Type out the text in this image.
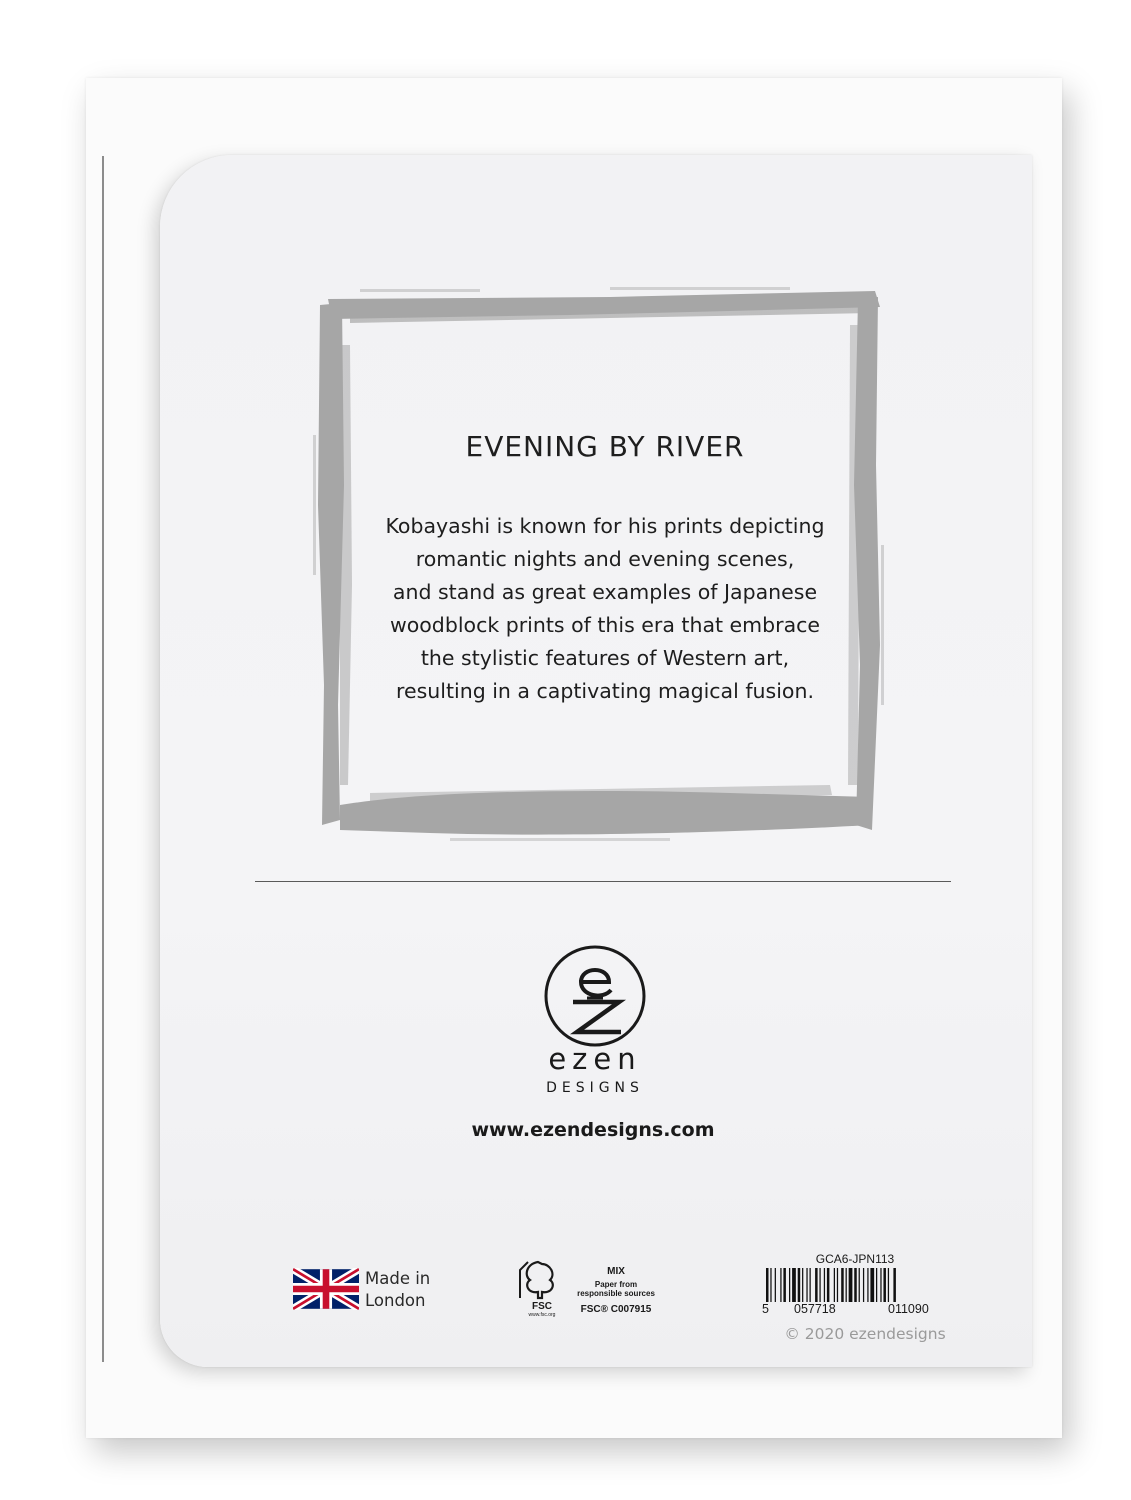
EVENING BY RIVER

Kobayashi is known for his prints depicting
romantic nights and evening scenes,
and stand as great examples of Japanese
woodblock prints of this era that embrace
the stylistic features of Western art,
resulting in a captivating magical fusion.

ezen
DESIGNS
www.ezendesigns.com
Made in
London	FSC
www.fsc.org
MIX
Paper from
responsible sources
FSC® C007915
GCA6-JPN113
5 057718	011090
© 2020 ezendesigns
